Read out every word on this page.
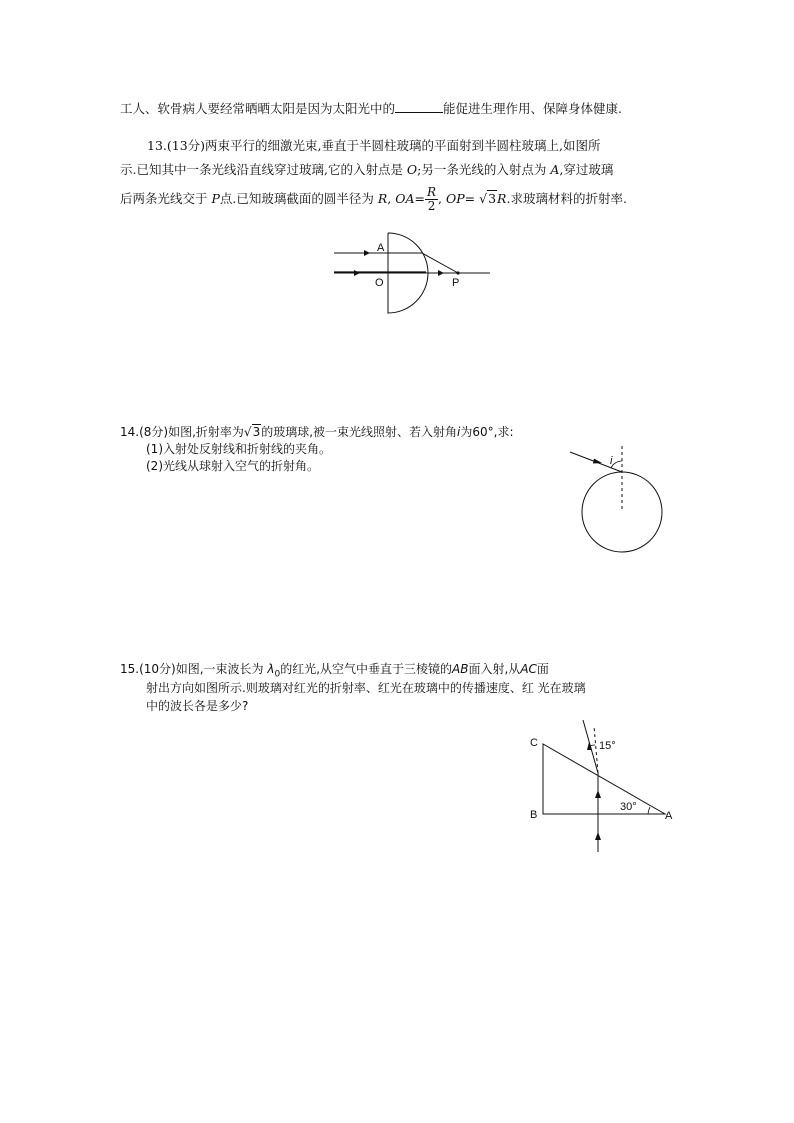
工人、软骨病人要经常晒晒太阳是因为太阳光中的	能促进生理作用、保障身体健康.
13.(13分)两束平行的细激光束,垂直于半圆柱玻璃的平面射到半圆柱玻璃上,如图所
示.已知其中一条光线沿直线穿过玻璃,它的入射点是 O;另一条光线的入射点为 A,穿过玻璃
后两条光线交于 P点.已知玻璃截面的圆半径为 R, $OA= \frac{R}{2}$ , OP= √3R.求玻璃材料的折射率.
A
O	P
14.(8分)如图,折射率为√3的玻璃球,被一束光线照射、若入射角i为60°,求:
(1)入射处反射线和折射线的夹角。
(2)光线从球射入空气的折射角。	i
15.(10分)如图,一束波长为 $\lambda_0$的红光,从空气中垂直于三棱镜的AB面入射,从AC面
射出方向如图所示.则玻璃对红光的折射率、红光在玻璃中的传播速度、红 光在玻璃
中的波长各是多少?
C
B	A
30°
15°
